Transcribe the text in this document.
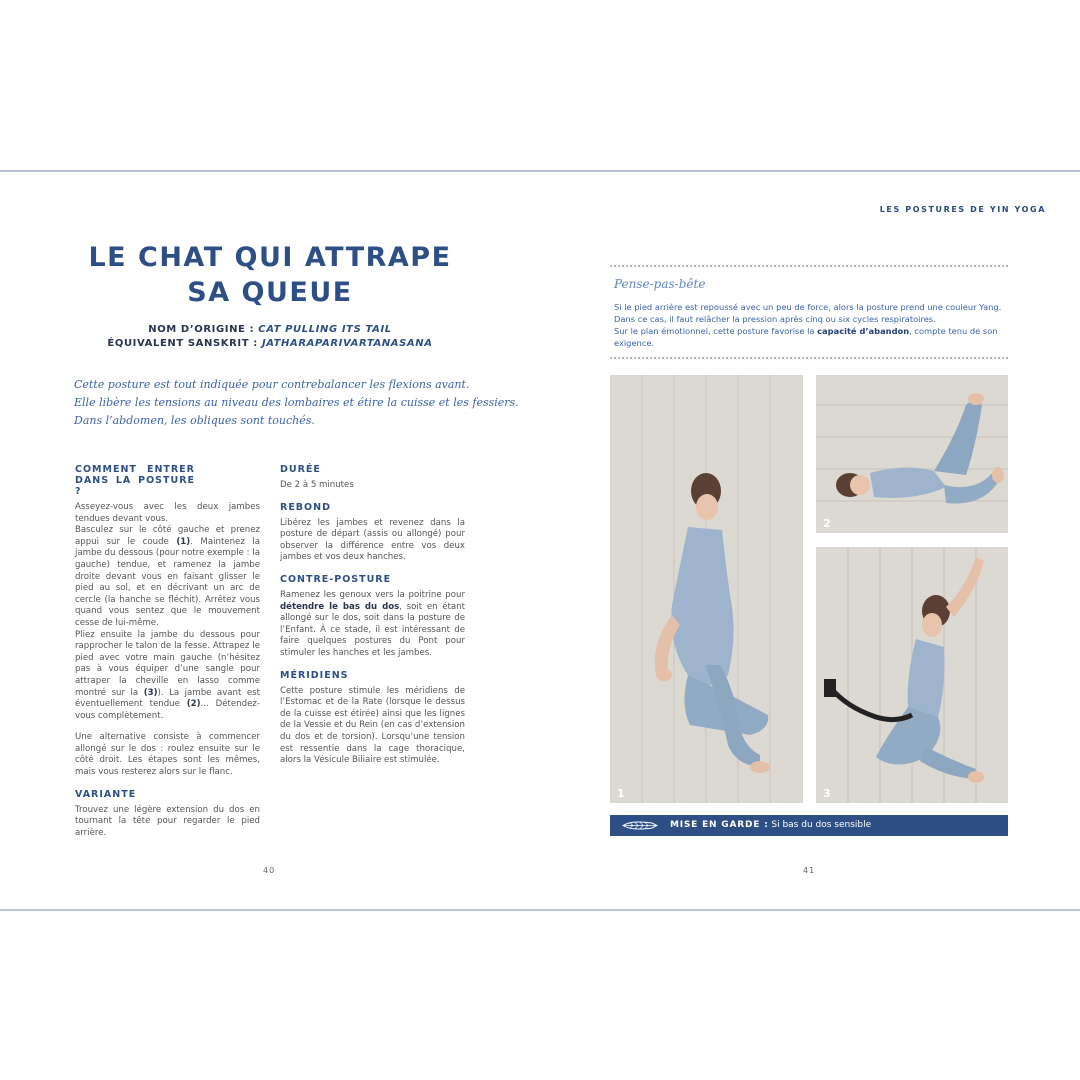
LES POSTURES DE YIN YOGA
LE CHAT QUI ATTRAPE
SA QUEUE
NOM D’ORIGINE : CAT PULLING ITS TAIL
ÉQUIVALENT SANSKRIT : JATHARAPARIVARTANASANA
Cette posture est tout indiquée pour contrebalancer les flexions avant.
Elle libère les tensions au niveau des lombaires et étire la cuisse et les fessiers.
Dans l’abdomen, les obliques sont touchés.
COMMENT ENTRER DANS LA POSTURE ?

Asseyez-vous avec les deux jambes tendues devant vous.

Basculez sur le côté gauche et prenez appui sur le coude (1). Maintenez la jambe du dessous (pour notre exemple : la gauche) tendue, et ramenez la jambe droite devant vous en faisant glisser le pied au sol, et en décrivant un arc de cercle (la hanche se fléchit). Arrêtez vous quand vous sentez que le mouvement cesse de lui-même.

Pliez ensuite la jambe du dessous pour rapprocher le talon de la fesse. Attrapez le pied avec votre main gauche (n’hésitez pas à vous équiper d’une sangle pour attraper la cheville en lasso comme montré sur la (3)). La jambe avant est éventuellement tendue (2)... Détendez-vous complètement.

Une alternative consiste à commencer allongé sur le dos : roulez ensuite sur le côté droit. Les étapes sont les mêmes, mais vous resterez alors sur le flanc.

VARIANTE

Trouvez une légère extension du dos en tournant la tête pour regarder le pied arrière.

DURÉE

De 2 à 5 minutes

REBOND

Libérez les jambes et revenez dans la posture de départ (assis ou allongé) pour observer la différence entre vos deux jambes et vos deux hanches.

CONTRE-POSTURE

Ramenez les genoux vers la poitrine pour détendre le bas du dos, soit en étant allongé sur le dos, soit dans la posture de l’Enfant. À ce stade, il est intéressant de faire quelques postures du Pont pour stimuler les hanches et les jambes.

MÉRIDIENS

Cette posture stimule les méridiens de l’Estomac et de la Rate (lorsque le dessus de la cuisse est étirée) ainsi que les lignes de la Vessie et du Rein (en cas d’extension du dos et de torsion). Lorsqu’une tension est ressentie dans la cage thoracique, alors la Vésicule Biliaire est stimulée.

40	41
Pense-pas-bête
Si le pied arrière est repoussé avec un peu de force, alors la posture prend une couleur Yang. Dans ce cas, il faut relâcher la pression après cinq ou six cycles respiratoires.
Sur le plan émotionnel, cette posture favorise la capacité d’abandon, compte tenu de son exigence.
1
2
3
MISE EN GARDE : Si bas du dos sensible
